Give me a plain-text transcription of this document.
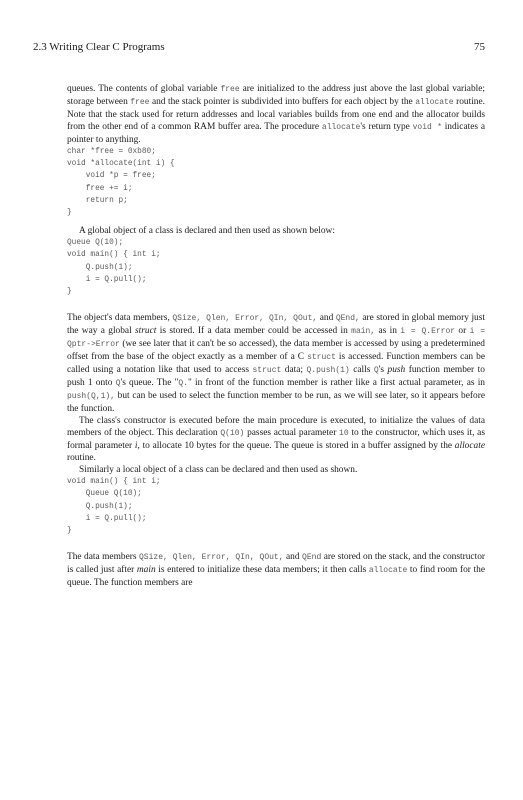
2.3 Writing Clear C Programs	75

queues. The contents of global variable free are initialized to the address just above the last global variable; storage between free and the stack pointer is subdivided into buffers for each object by the allocate routine. Note that the stack used for return addresses and local variables builds from one end and the allocator builds from the other end of a common RAM buffer area. The procedure allocate's return type void * indicates a pointer to anything.

char *free = 0xb80;
void *allocate(int i) {
void *p = free;
free += i;
return p;
}

A global object of a class is declared and then used as shown below:

Queue Q(10);
void main() { int i;
Q.push(1);
i = Q.pull();
}

The object's data members, QSize, Qlen, Error, QIn, QOut, and QEnd, are stored in global memory just the way a global struct is stored. If a data member could be accessed in main, as in i = Q.Error or i = Qptr->Error (we see later that it can't be so accessed), the data member is accessed by using a predetermined offset from the base of the object exactly as a member of a C struct is accessed. Function members can be called using a notation like that used to access struct data; Q.push(1) calls Q's push function member to push 1 onto Q's queue. The "Q." in front of the function member is rather like a first actual parameter, as in push(Q,1), but can be used to select the function member to be run, as we will see later, so it appears before the function.

The class's constructor is executed before the main procedure is executed, to initialize the values of data members of the object. This declaration Q(10) passes actual parameter 10 to the constructor, which uses it, as formal parameter i, to allocate 10 bytes for the queue. The queue is stored in a buffer assigned by the allocate routine.

Similarly a local object of a class can be declared and then used as shown.

void main() { int i;
Queue Q(10);
Q.push(1);
i = Q.pull();
}

The data members QSize, Qlen, Error, QIn, QOut, and QEnd are stored on the stack, and the constructor is called just after main is entered to initialize these data members; it then calls allocate to find room for the queue. The function members are
